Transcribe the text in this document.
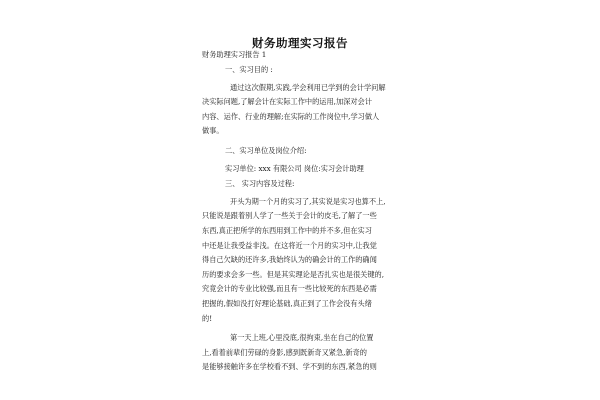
财务助理实习报告
财务助理实习报告 1
一、实习目的 :
通过这次假期,实践,学会利用已学到的会计学问解
决实际问题,了解会计在实际工作中的运用,加深对会计
内容、运作、行业的理解;在实际的工作岗位中,学习做人
做事。
二、实习单位及岗位介绍:
实习单位: xxx 有限公司 岗位:实习会计助理
三、 实习内容及过程:
开头为期一个月的实习了,其实说是实习也算不上,
只能说是跟着别人学了一些关于会计的皮毛,了解了一些
东西,真正把所学的东西用到工作中的并不多,但在实习
中还是让我受益非浅。在这将近一个月的实习中,让我觉
得自己欠缺的还许多,我始终认为的确会计的工作的确闻
历的要求会多一些。但是其实理论是否扎实也是很关键的,
究竟会计的专业比较强,而且有一些比较死的东西是必需
把握的,假如没打好理论基础,真正到了工作会没有头绪
的!
第一天上班,心里没底,很拘束,坐在自己的位置
上,看着前辈们劳碌的身影,感到既新奇又紧急,新奇的
是能够接触许多在学校看不到、学不到的东西,紧急的则
